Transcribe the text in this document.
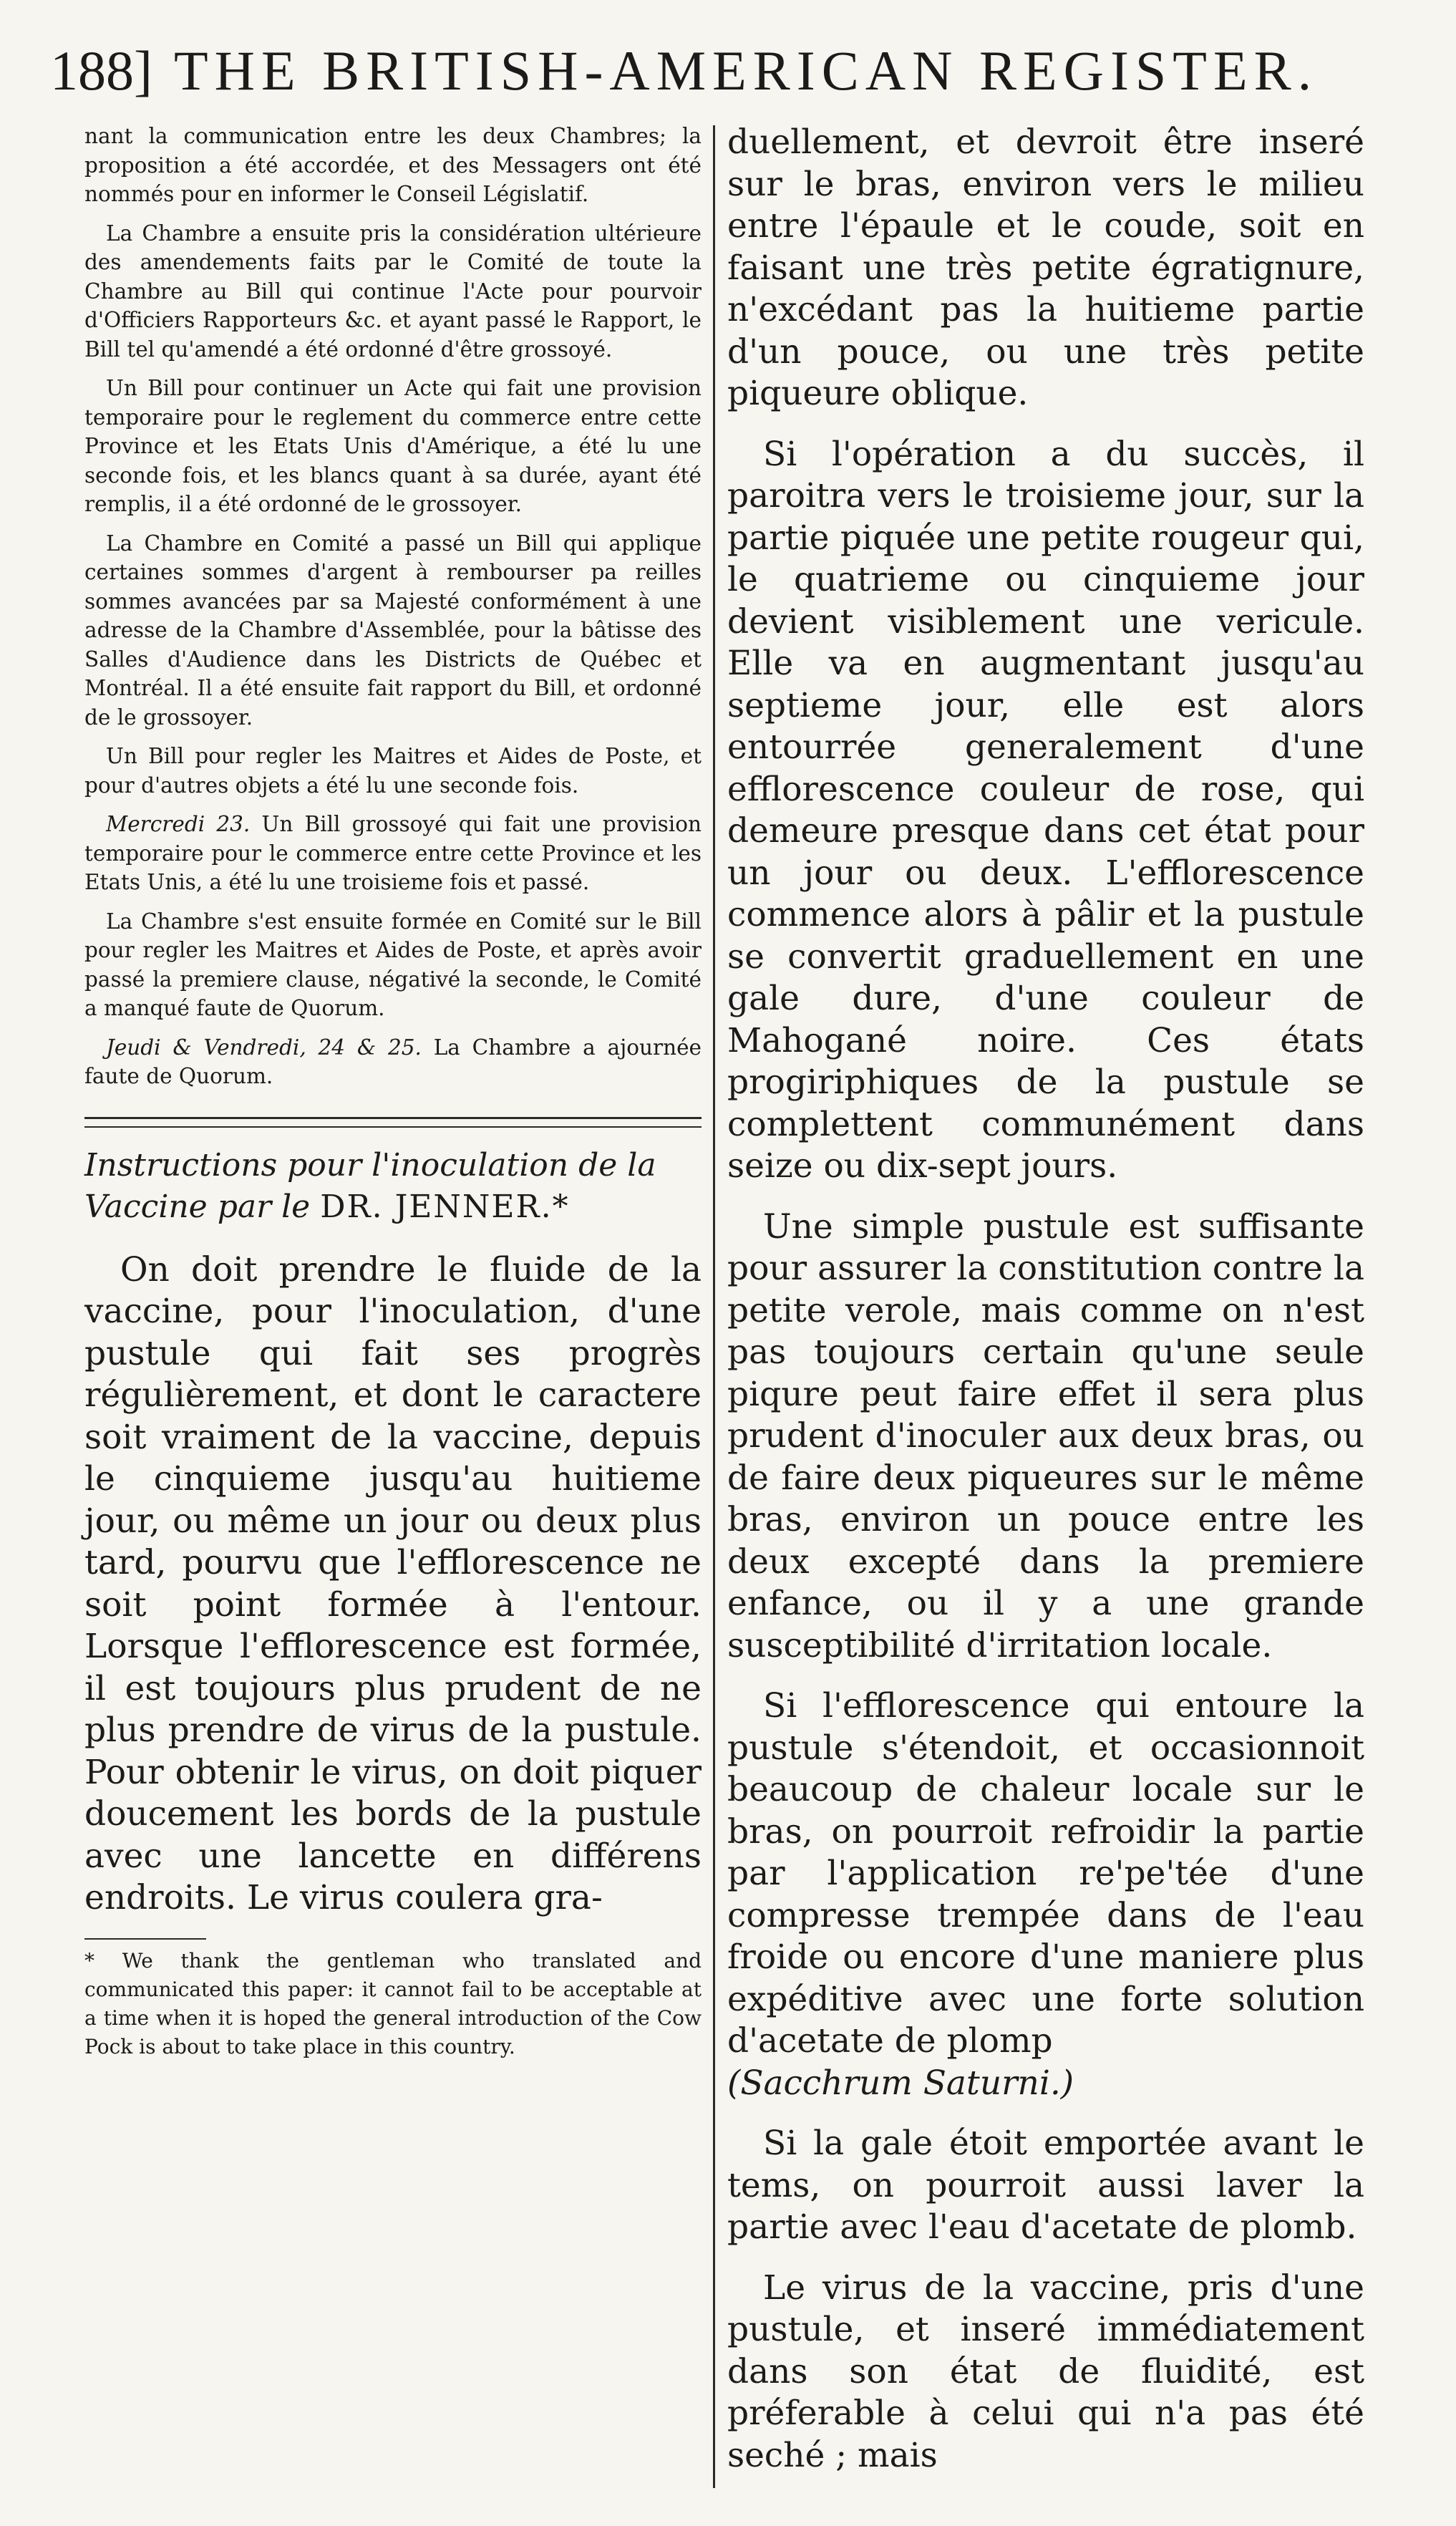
188] THE BRITISH-AMERICAN REGISTER.

nant la communication entre les deux Chambres; la proposition a été accordée, et des Messagers ont été nommés pour en informer le Conseil Législatif.

La Chambre a ensuite pris la considération ultérieure des amendements faits par le Comité de toute la Chambre au Bill qui continue l'Acte pour pourvoir d'Officiers Rapporteurs &c. et ayant passé le Rapport, le Bill tel qu'amendé a été ordonné d'être grossoyé.

Un Bill pour continuer un Acte qui fait une provision temporaire pour le reglement du commerce entre cette Province et les Etats Unis d'Amérique, a été lu une seconde fois, et les blancs quant à sa durée, ayant été remplis, il a été ordonné de le grossoyer.

La Chambre en Comité a passé un Bill qui applique certaines sommes d'argent à rembourser pa reilles sommes avancées par sa Majesté conformément à une adresse de la Chambre d'Assemblée, pour la bâtisse des Salles d'Audience dans les Districts de Québec et Montréal. Il a été ensuite fait rapport du Bill, et ordonné de le grossoyer.

Un Bill pour regler les Maitres et Aides de Poste, et pour d'autres objets a été lu une seconde fois.

Mercredi 23. Un Bill grossoyé qui fait une provision temporaire pour le commerce entre cette Province et les Etats Unis, a été lu une troisieme fois et passé.

La Chambre s'est ensuite formée en Comité sur le Bill pour regler les Maitres et Aides de Poste, et après avoir passé la premiere clause, négativé la seconde, le Comité a manqué faute de Quorum.

Jeudi & Vendredi, 24 & 25. La Chambre a ajournée faute de Quorum.

Instructions pour l'inoculation de la Vaccine par le DR. JENNER.*

On doit prendre le fluide de la vaccine, pour l'inoculation, d'une pustule qui fait ses progrès régulièrement, et dont le caractere soit vraiment de la vaccine, depuis le cinquieme jusqu'au huitieme jour, ou même un jour ou deux plus tard, pourvu que l'efflorescence ne soit point formée à l'entour. Lorsque l'efflorescence est formée, il est toujours plus prudent de ne plus prendre de virus de la pustule. Pour obtenir le virus, on doit piquer doucement les bords de la pustule avec une lancette en différens endroits. Le virus coulera gra-

* We thank the gentleman who translated and communicated this paper: it cannot fail to be acceptable at a time when it is hoped the general introduction of the Cow Pock is about to take place in this country.

duellement, et devroit être inseré sur le bras, environ vers le milieu entre l'épaule et le coude, soit en faisant une très petite égratignure, n'excédant pas la huitieme partie d'un pouce, ou une très petite piqueure oblique.

Si l'opération a du succès, il paroitra vers le troisieme jour, sur la partie piquée une petite rougeur qui, le quatrieme ou cinquieme jour devient visiblement une vericule. Elle va en augmentant jusqu'au septieme jour, elle est alors entourrée generalement d'une efflorescence couleur de rose, qui demeure presque dans cet état pour un jour ou deux. L'efflorescence commence alors à pâlir et la pustule se convertit graduellement en une gale dure, d'une couleur de Mahogané noire. Ces états progiriphiques de la pustule se complettent communément dans seize ou dix-sept jours.

Une simple pustule est suffisante pour assurer la constitution contre la petite verole, mais comme on n'est pas toujours certain qu'une seule piqure peut faire effet il sera plus prudent d'inoculer aux deux bras, ou de faire deux piqueures sur le même bras, environ un pouce entre les deux excepté dans la premiere enfance, ou il y a une grande susceptibilité d'irritation locale.

Si l'efflorescence qui entoure la pustule s'étendoit, et occasionnoit beaucoup de chaleur locale sur le bras, on pourroit refroidir la partie par l'application re'pe'tée d'une compresse trempée dans de l'eau froide ou encore d'une maniere plus expéditive avec une forte solution d'acetate de plomp

(Sacchrum Saturni.)

Si la gale étoit emportée avant le tems, on pourroit aussi laver la partie avec l'eau d'acetate de plomb.

Le virus de la vaccine, pris d'une pustule, et inseré immédiatement dans son état de fluidité, est préferable à celui qui n'a pas été seché ; mais
